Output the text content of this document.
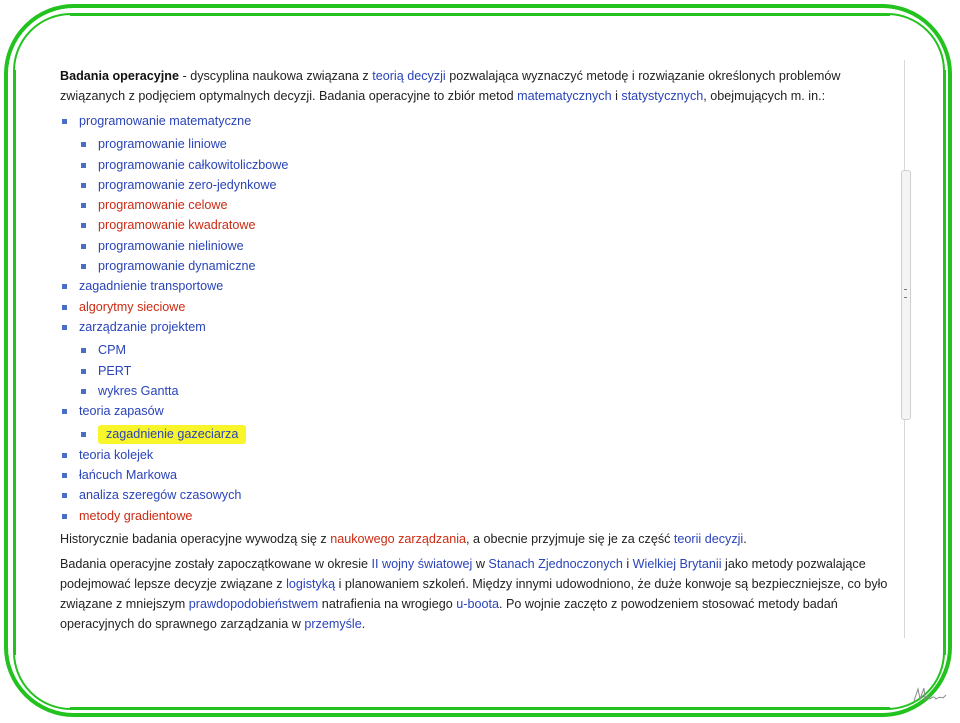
Badania operacyjne - dyscyplina naukowa związana z teorią decyzji pozwalająca wyznaczyć metodę i rozwiązanie określonych problemów związanych z podjęciem optymalnych decyzji. Badania operacyjne to zbiór metod matematycznych i statystycznych, obejmujących m. in.:

programowanie matematyczne
programowanie liniowe
programowanie całkowitoliczbowe
programowanie zero-jedynkowe
programowanie celowe
programowanie kwadratowe
programowanie nieliniowe
programowanie dynamiczne
zagadnienie transportowe
algorytmy sieciowe
zarządzanie projektem
CPM
PERT
wykres Gantta
teoria zapasów
zagadnienie gazeciarza
teoria kolejek
łańcuch Markowa
analiza szeregów czasowych
metody gradientowe

Historycznie badania operacyjne wywodzą się z naukowego zarządzania, a obecnie przyjmuje się je za część teorii decyzji.

Badania operacyjne zostały zapoczątkowane w okresie II wojny światowej w Stanach Zjednoczonych i Wielkiej Brytanii jako metody pozwalające podejmować lepsze decyzje związane z logistyką i planowaniem szkoleń. Między innymi udowodniono, że duże konwoje są bezpieczniejsze, co było związane z mniejszym prawdopodobieństwem natrafienia na wrogiego u-boota. Po wojnie zaczęto z powodzeniem stosować metody badań operacyjnych do sprawnego zarządzania w przemyśle.
